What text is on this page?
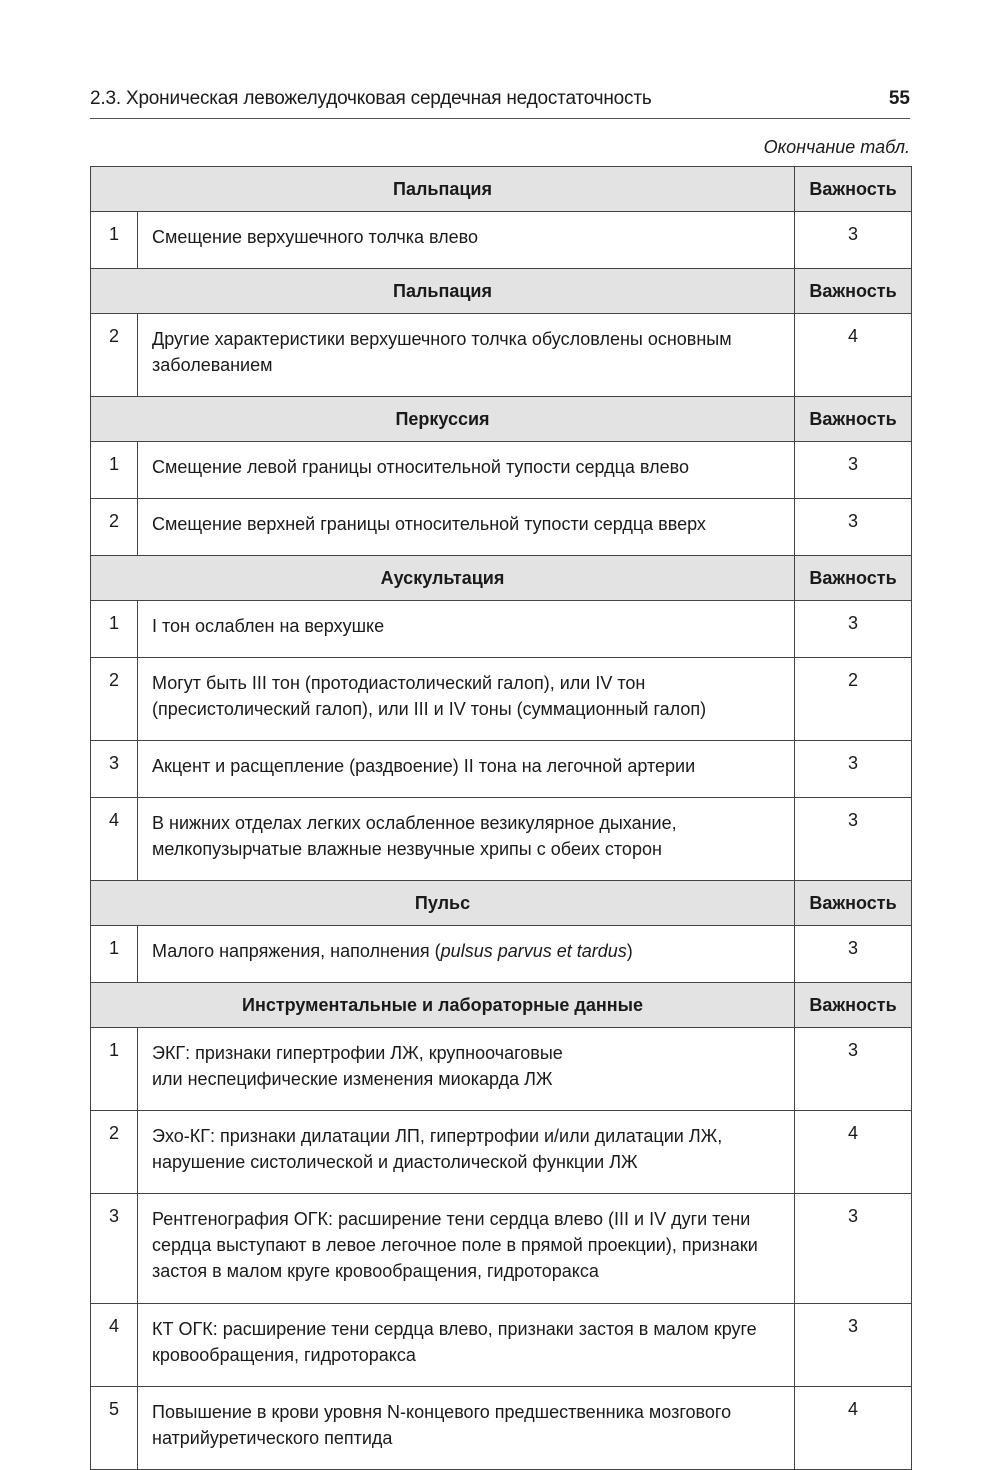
2.3. Хроническая левожелудочковая сердечная недостаточность	55
Окончание табл.
Пальпация		Важность
1	Смещение верхушечного толчка влево	3
Пальпация		Важность
2	Другие характеристики верхушечного толчка обусловлены основным заболеванием	4
Перкуссия		Важность
1	Смещение левой границы относительной тупости сердца влево	3
2	Смещение верхней границы относительной тупости сердца вверх	3
Аускультация		Важность
1	I тон ослаблен на верхушке	3
2	Могут быть III тон (протодиастолический галоп), или IV тон (пресистолический галоп), или III и IV тоны (суммационный галоп)	2
3	Акцент и расщепление (раздвоение) II тона на легочной артерии	3
4	В нижних отделах легких ослабленное везикулярное дыхание, мелкопузырчатые влажные незвучные хрипы с обеих сторон	3
Пульс		Важность
1	Малого напряжения, наполнения (pulsus parvus et tardus)	3
Инструментальные и лабораторные данные		Важность
1	ЭКГ: признаки гипертрофии ЛЖ, крупноочаговые
или неспецифические изменения миокарда ЛЖ	3
2	Эхо-КГ: признаки дилатации ЛП, гипертрофии и/или дилатации ЛЖ, нарушение систолической и диастолической функции ЛЖ	4
3	Рентгенография ОГК: расширение тени сердца влево (III и IV дуги тени сердца выступают в левое легочное поле в прямой проекции), признаки застоя в малом круге кровообращения, гидроторакса	3
4	КТ ОГК: расширение тени сердца влево, признаки застоя в малом круге кровообращения, гидроторакса	3
5	Повышение в крови уровня N-концевого предшественника мозгового натрийуретического пептида	4
